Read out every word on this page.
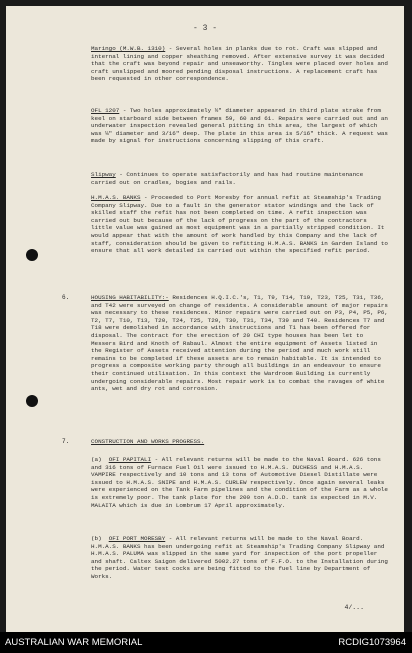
- 3 -

Maringo (M.W.B. 1310) - Several holes in planks due to rot. Craft was slipped and internal lining and copper sheathing removed. After extensive survey it was decided that the craft was beyond repair and unseaworthy. Tingles were placed over holes and craft unslipped and moored pending disposal instructions. A replacement craft has been requested in other correspondence.

OFL 1207 - Two holes approximately ½" diameter appeared in third plate strake from keel on starboard side between frames 59, 60 and 61. Repairs were carried out and an underwater inspection revealed general pitting in this area, the largest of which was ¼" diameter and 3/16" deep. The plate in this area is 5/16" thick. A request was made by signal for instructions concerning slipping of this craft.

Slipway - Continues to operate satisfactorily and has had routine maintenance carried out on cradles, bogies and rails.

H.M.A.S. BANKS - Proceeded to Port Moresby for annual refit at Steamship's Trading Company Slipway. Due to a fault in the generator stator windings and the lack of skilled staff the refit has not been completed on time. A refit inspection was carried out but because of the lack of progress on the part of the contractors little value was gained as most equipment was in a partially stripped condition. It would appear that with the amount of work handled by this Company and the lack of staff, consideration should be given to refitting H.M.A.S. BANKS in Garden Island to ensure that all work detailed is carried out within the specified refit period.

6.	HOUSING HABITABILITY:- Residences H.Q.I.C.'s, T1, T9, T14, T19, T23, T25, T31, T36, and T42 were surveyed on change of residents. A considerable amount of major repairs was necessary to these residences. Minor repairs were carried out on P3, P4, P5, P6, T2, T7, T10, T13, T20, T24, T25, T29, T30, T31, T34, T39 and T40. Residences T7 and T18 were demolished in accordance with instructions and T1 has been offered for disposal. The contract for the erection of 20 CHI type houses has been let to Messers Bird and Knoth of Rabaul. Almost the entire equipment of Assets listed in the Register of Assets received attention during the period and much work still remains to be completed if these assets are to remain habitable. It is intended to progress a composite working party through all buildings in an endeavour to ensure their continued utilisation. In this context the Wardroom Building is currently undergoing considerable repairs. Most repair work is to combat the ravages of white ants, wet and dry rot and corrosion.

7.	CONSTRUCTION AND WORKS PROGRESS.

(a) OFI PAPITALI - All relevant returns will be made to the Naval Board. 626 tons and 316 tons of Furnace Fuel Oil were issued to H.M.A.S. DUCHESS and H.M.A.S. VAMPIRE respectively and 10 tons and 13 tons of Automotive Diesel Distillate were issued to H.M.A.S. SNIPE and H.M.A.S. CURLEW respectively. Once again several leaks were experienced on the Tank Farm pipelines and the condition of the Farm as a whole is extremely poor. The tank plate for the 200 ton A.D.D. tank is expected in M.V. MALAITA which is due in Lombrum 17 April approximately.

(b) OFI PORT MORESBY - All relevant returns will be made to the Naval Board. H.M.A.S. BANKS has been undergoing refit at Steamship's Trading Company Slipway and H.M.A.S. PALUMA was slipped in the same yard for inspection of the port propeller and shaft. Caltex Saigon delivered 5002.27 tons of F.F.O. to the Installation during the period. Water test cocks are being fitted to the fuel line by Department of Works.

4/...
AUSTRALIAN WAR MEMORIAL	RCDIG1073964
